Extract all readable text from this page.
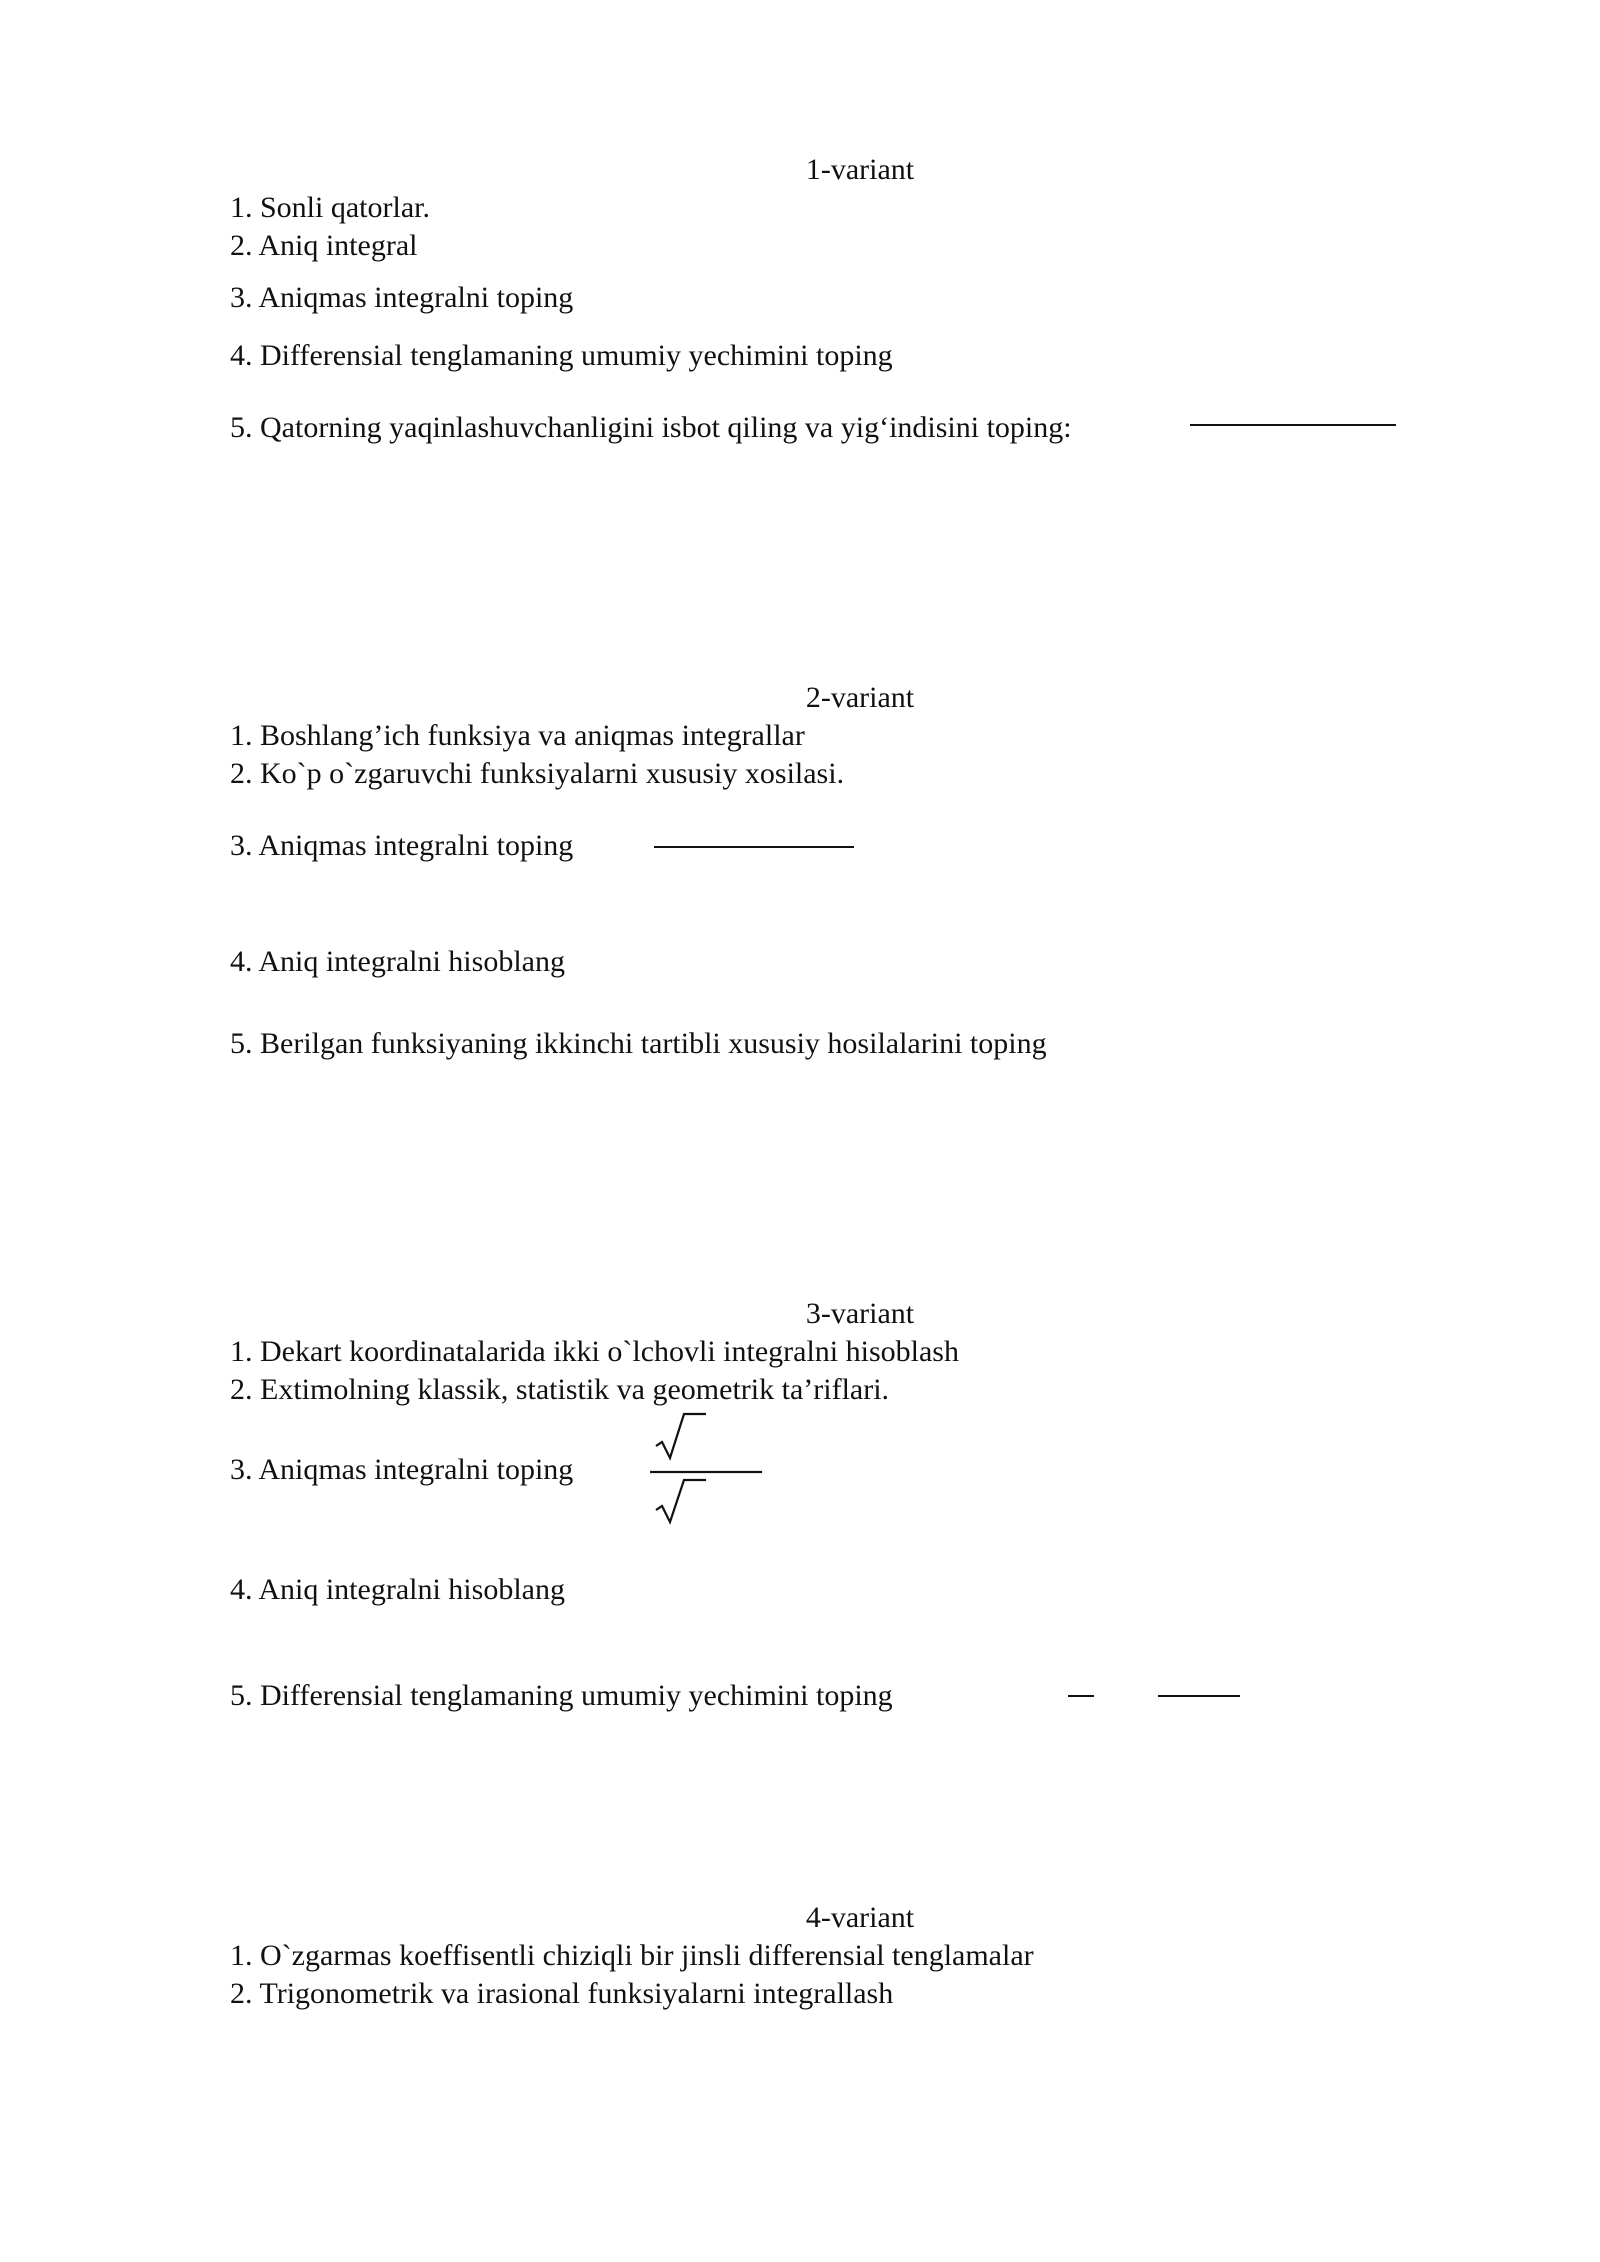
1-variant
1. Sonli qatorlar.
2. Aniq integral
3. Aniqmas integralni toping
4. Differensial tenglamaning umumiy yechimini toping
5. Qatorning yaqinlashuvchanligini isbot qiling va yig‘indisini toping:
2-variant
1. Boshlang’ich funksiya va aniqmas integrallar
2. Ko`p o`zgaruvchi funksiyalarni xususiy xosilasi.
3. Aniqmas integralni toping
4. Aniq integralni hisoblang
5. Berilgan funksiyaning ikkinchi tartibli xususiy hosilalarini toping
3-variant
1. Dekart koordinatalarida ikki o`lchovli integralni hisoblash
2. Extimolning klassik, statistik va geometrik ta’riflari.
3. Aniqmas integralni toping
4. Aniq integralni hisoblang
5. Differensial tenglamaning umumiy yechimini toping
4-variant
1. O`zgarmas koeffisentli chiziqli bir jinsli differensial tenglamalar
2. Trigonometrik va irasional funksiyalarni integrallash
